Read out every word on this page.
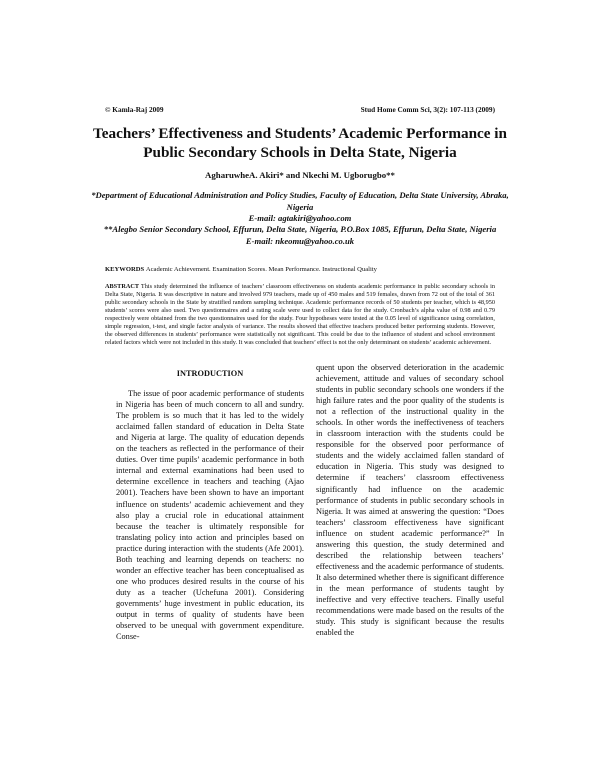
© Kamla-Raj 2009	Stud Home Comm Sci, 3(2): 107-113 (2009)
Teachers’ Effectiveness and Students’ Academic Performance in Public Secondary Schools in Delta State, Nigeria
AgharuwheA. Akiri* and Nkechi M. Ugborugbo**
*Department of Educational Administration and Policy Studies, Faculty of Education, Delta State University, Abraka, Nigeria
E-mail: agtakiri@yahoo.com
**Alegbo Senior Secondary School, Effurun, Delta State, Nigeria, P.O.Box 1085, Effurun, Delta State, Nigeria
E-mail: nkeomu@yahoo.co.uk
KEYWORDS Academic Achievement. Examination Scores. Mean Performance. Instructional Quality
ABSTRACT This study determined the influence of teachers’ classroom effectiveness on students academic performance in public secondary schools in Delta State, Nigeria. It was descriptive in nature and involved 979 teachers, made up of 450 males and 519 females, drawn from 72 out of the total of 361 public secondary schools in the State by stratified random sampling technique. Academic performance records of 50 students per teacher, which is 48,950 students’ scores were also used. Two questionnaires and a rating scale were used to collect data for the study. Cronbach’s alpha value of 0.98 and 0.79 respectively were obtained from the two questionnaires used for the study. Four hypotheses were tested at the 0.05 level of significance using correlation, simple regression, t-test, and single factor analysis of variance. The results showed that effective teachers produced better performing students. However, the observed differences in students’ performance were statistically not significant. This could be due to the influence of student and school environment related factors which were not included in this study. It was concluded that teachers’ effect is not the only determinant on students’ academic achievement.
INTRODUCTION

The issue of poor academic performance of students in Nigeria has been of much concern to all and sundry. The problem is so much that it has led to the widely acclaimed fallen standard of education in Delta State and Nigeria at large. The quality of education depends on the teachers as reflected in the performance of their duties. Over time pupils’ academic performance in both internal and external examinations had been used to determine excellence in teachers and teaching (Ajao 2001). Teachers have been shown to have an important influence on students’ academic achievement and they also play a crucial role in educational attainment because the teacher is ultimately responsible for translating policy into action and principles based on practice during interaction with the students (Afe 2001). Both teaching and learning depends on teachers: no wonder an effective teacher has been conceptualised as one who produces desired results in the course of his duty as a teacher (Uchefuna 2001). Considering governments’ huge investment in public education, its output in terms of quality of students have been observed to be unequal with government expenditure. Conse-

quent upon the observed deterioration in the academic achievement, attitude and values of secondary school students in public secondary schools one wonders if the high failure rates and the poor quality of the students is not a reflection of the instructional quality in the schools. In other words the ineffectiveness of teachers in classroom interaction with the students could be responsible for the observed poor performance of students and the widely acclaimed fallen standard of education in Nigeria. This study was designed to determine if teachers’ classroom effectiveness significantly had influence on the academic performance of students in public secondary schools in Nigeria. It was aimed at answering the question: “Does teachers’ classroom effectiveness have significant influence on student academic performance?” In answering this question, the study determined and described the relationship between teachers’ effectiveness and the academic performance of students. It also determined whether there is significant difference in the mean performance of students taught by ineffective and very effective teachers. Finally useful recommendations were made based on the results of the study. This study is significant because the results enabled the
